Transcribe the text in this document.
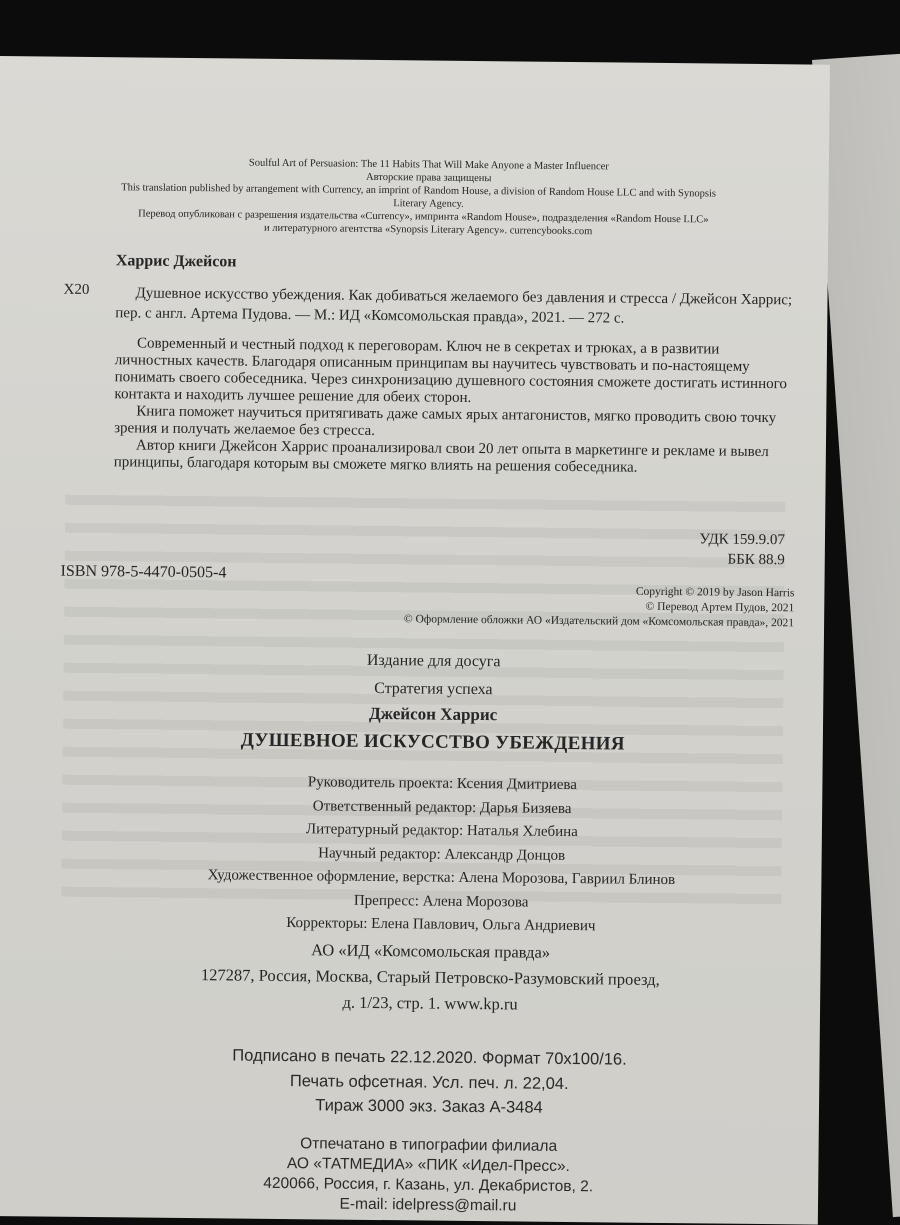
Soulful Art of Persuasion: The 11 Habits That Will Make Anyone a Master Influencer
Авторские права защищены
This translation published by arrangement with Currency, an imprint of Random House, a division of Random House LLC and with Synopsis
Literary Agency.
Перевод опубликован с разрешения издательства «Currency», импринта «Random House», подразделения «Random House LLC»
и литературного агентства «Synopsis Literary Agency». currencybooks.com
Харрис Джейсон
Х20	Душевное искусство убеждения. Как добиваться желаемого без давления и стресса / Джейсон Харрис; пер. с англ. Артема Пудова. — М.: ИД «Комсомольская правда», 2021. — 272 с.

Современный и честный подход к переговорам. Ключ не в секретах и трюках, а в развитии личностных качеств. Благодаря описанным принципам вы научитесь чувствовать и по-настоящему понимать своего собеседника. Через синхронизацию душевного состояния сможете достигать истинного контакта и находить лучшее решение для обеих сторон.

Книга поможет научиться притягивать даже самых ярых антагонистов, мягко проводить свою точку зрения и получать желаемое без стресса.

Автор книги Джейсон Харрис проанализировал свои 20 лет опыта в маркетинге и рекламе и вывел принципы, благодаря которым вы сможете мягко влиять на решения собеседника.

УДК 159.9.07
ББК 88.9
ISBN 978-5-4470-0505-4
Copyright © 2019 by Jason Harris
© Перевод Артем Пудов, 2021
© Оформление обложки АО «Издательский дом «Комсомольская правда», 2021
Издание для досуга
Стратегия успеха
Джейсон Харрис
ДУШЕВНОЕ ИСКУССТВО УБЕЖДЕНИЯ
Руководитель проекта: Ксения Дмитриева
Ответственный редактор: Дарья Бизяева
Литературный редактор: Наталья Хлебина
Научный редактор: Александр Донцов
Художественное оформление, верстка: Алена Морозова, Гавриил Блинов
Препресс: Алена Морозова
Корректоры: Елена Павлович, Ольга Андриевич
АО «ИД «Комсомольская правда»
127287, Россия, Москва, Старый Петровско-Разумовский проезд,
д. 1/23, стр. 1. www.kp.ru
Подписано в печать 22.12.2020. Формат 70x100/16.
Печать офсетная. Усл. печ. л. 22,04.
Тираж 3000 экз. Заказ А-3484
Отпечатано в типографии филиала
АО «ТАТМЕДИА» «ПИК «Идел-Пресс».
420066, Россия, г. Казань, ул. Декабристов, 2.
E-mail: idelpress@mail.ru
